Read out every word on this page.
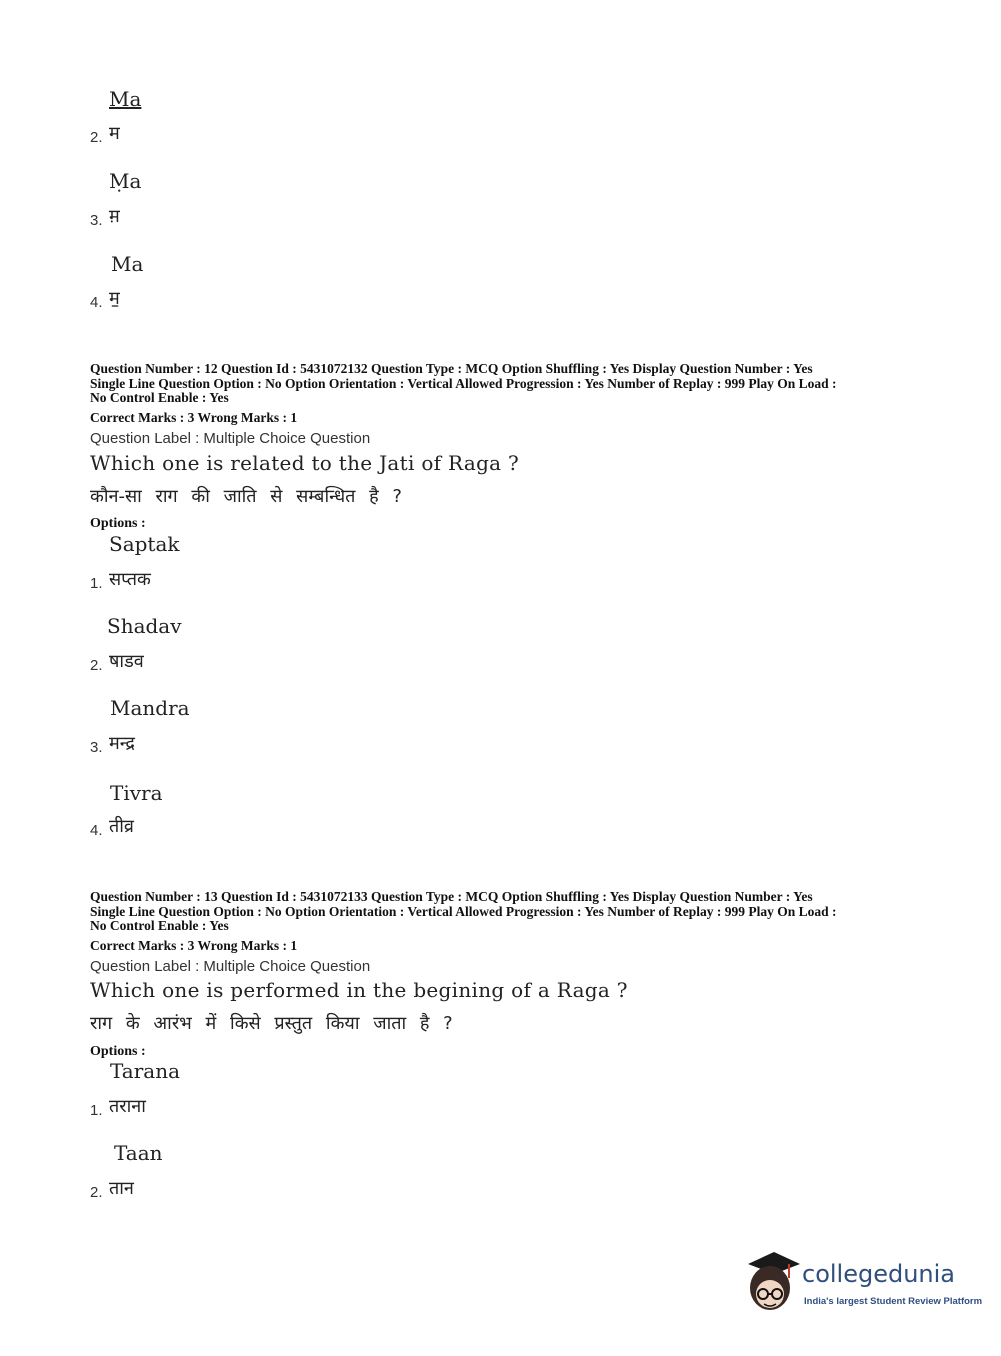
Ma
2. म
Ṃa
3. म़
Ma
4. म॒
Question Number : 12 Question Id : 5431072132 Question Type : MCQ Option Shuffling : Yes Display Question Number : Yes
Single Line Question Option : No Option Orientation : Vertical Allowed Progression : Yes Number of Replay : 999 Play On Load :
No Control Enable : Yes
Correct Marks : 3 Wrong Marks : 1
Question Label : Multiple Choice Question
Which one is related to the Jati of Raga ?
कौन-सा राग की जाति से सम्बन्धित है ?
Options :
Saptak
1. सप्तक
Shadav
2. षाडव
Mandra
3. मन्द्र
Tivra
4. तीव्र
Question Number : 13 Question Id : 5431072133 Question Type : MCQ Option Shuffling : Yes Display Question Number : Yes
Single Line Question Option : No Option Orientation : Vertical Allowed Progression : Yes Number of Replay : 999 Play On Load :
No Control Enable : Yes
Correct Marks : 3 Wrong Marks : 1
Question Label : Multiple Choice Question
Which one is performed in the begining of a Raga ?
राग के आरंभ में किसे प्रस्तुत किया जाता है ?
Options :
Tarana
1. तराना
Taan
2. तान
collegedunia
India's largest Student Review Platform
